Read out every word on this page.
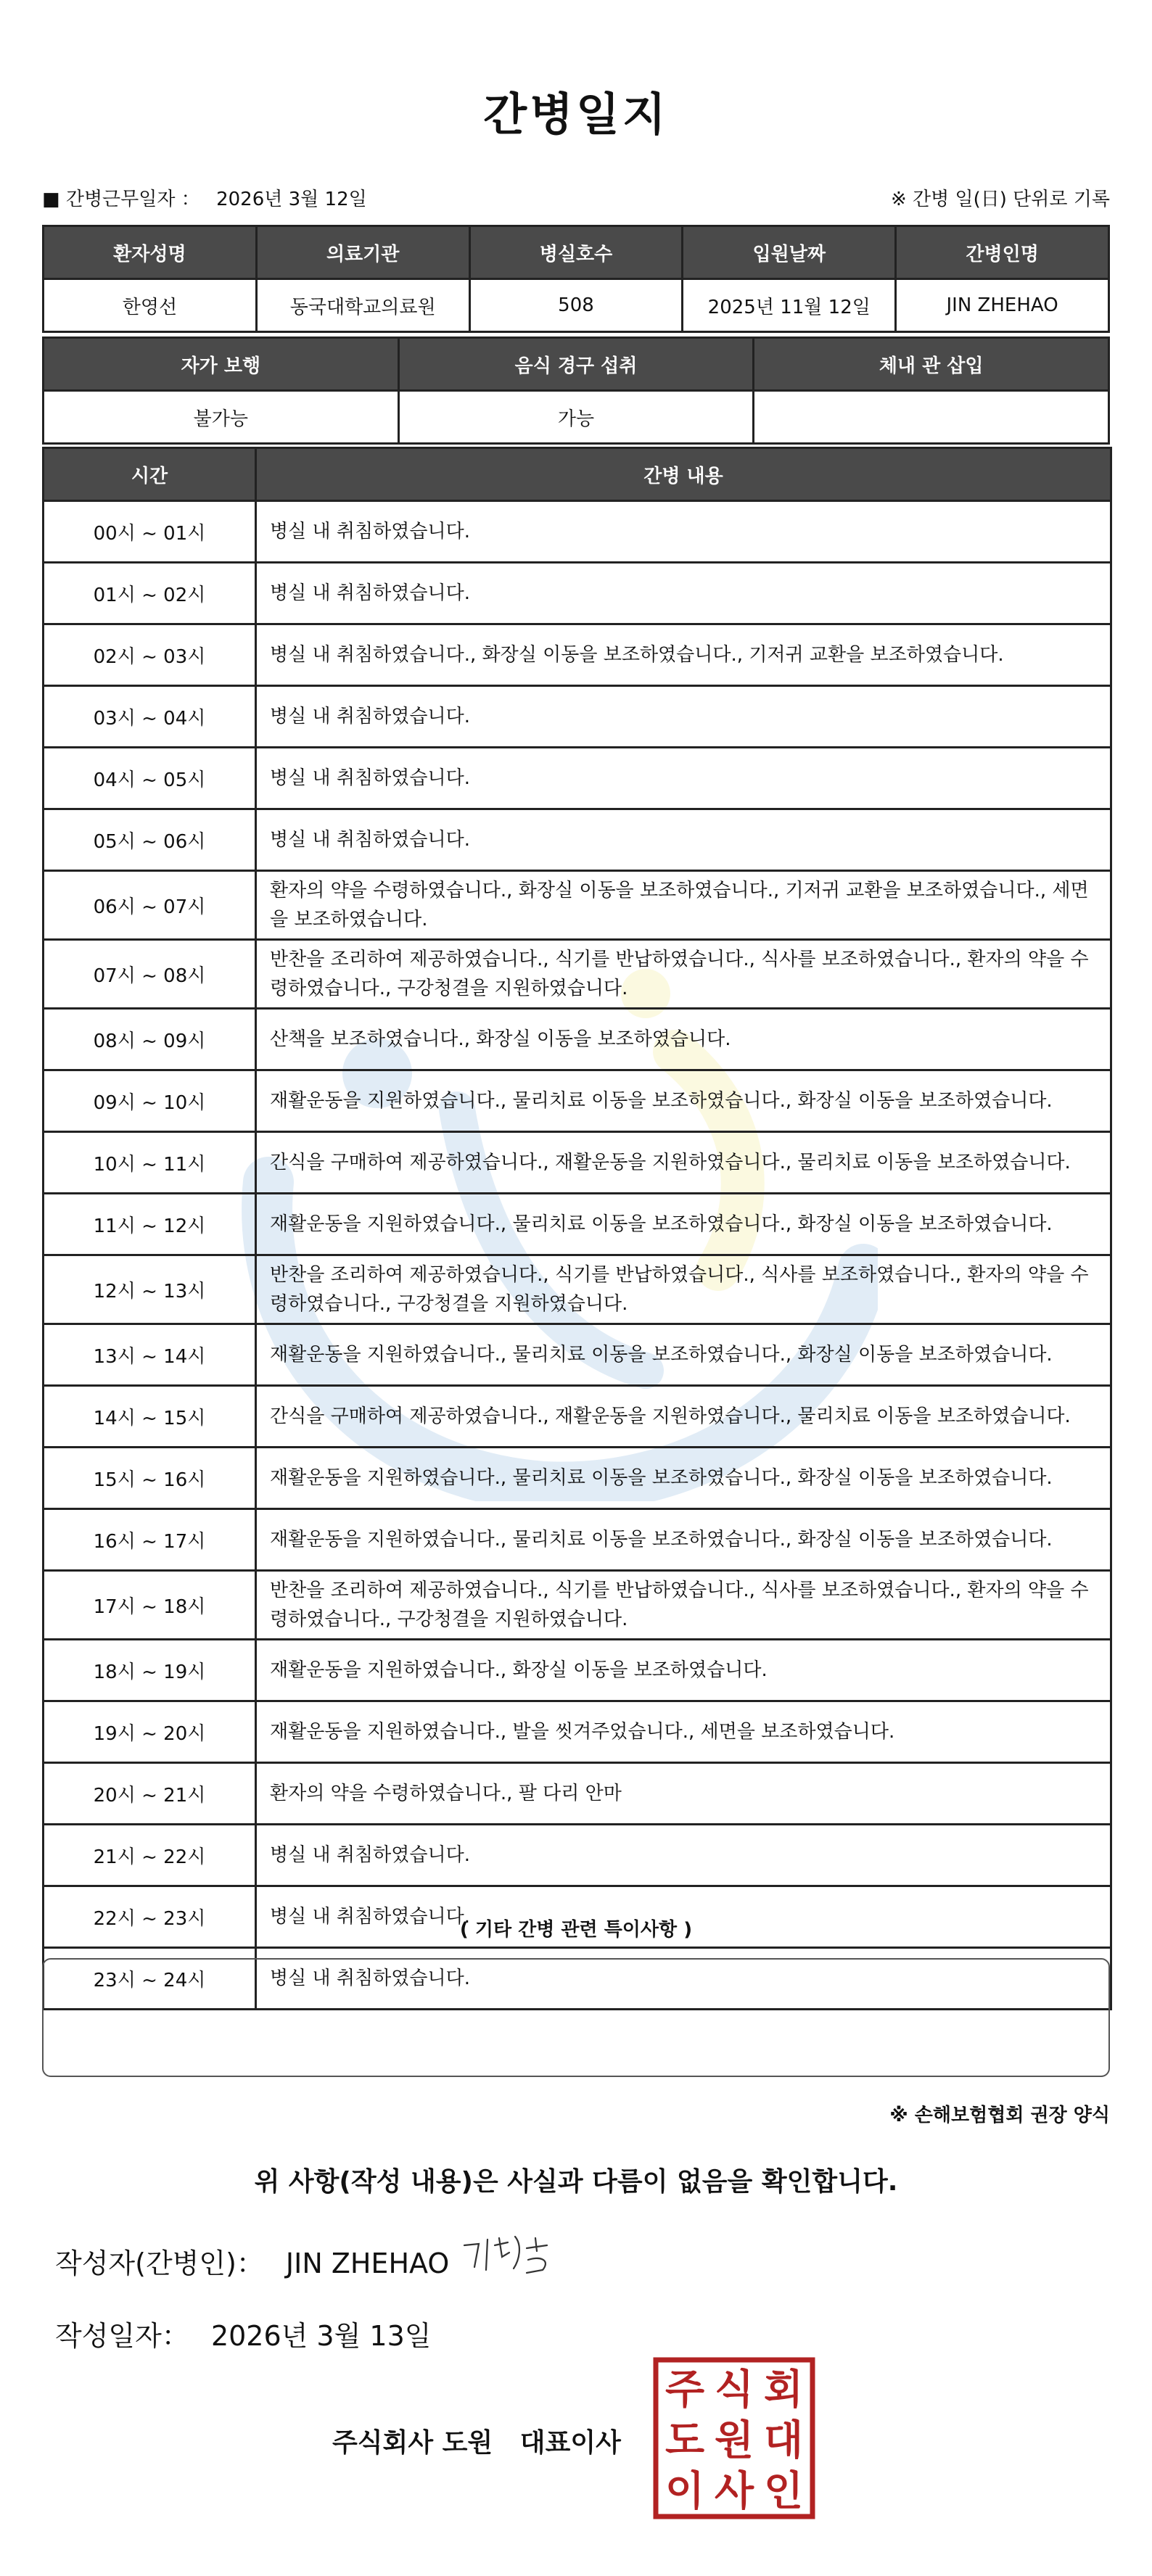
간병일지
■ 간병근무일자 ： 2026년 3월 12일	※ 간병 일(日) 단위로 기록
환자성명	의료기관	병실호수	입원날짜	간병인명
한영선	동국대학교의료원	508	2025년 11월 12일	JIN ZHEHAO
자가 보행	음식 경구 섭취	체내 관 삽입
불가능	가능	
시간	간병 내용
00시 ~ 01시	병실 내 취침하였습니다.
01시 ~ 02시	병실 내 취침하였습니다.
02시 ~ 03시	병실 내 취침하였습니다., 화장실 이동을 보조하였습니다., 기저귀 교환을 보조하였습니다.
03시 ~ 04시	병실 내 취침하였습니다.
04시 ~ 05시	병실 내 취침하였습니다.
05시 ~ 06시	병실 내 취침하였습니다.
06시 ~ 07시	환자의 약을 수령하였습니다., 화장실 이동을 보조하였습니다., 기저귀 교환을 보조하였습니다., 세면을 보조하였습니다.
07시 ~ 08시	반찬을 조리하여 제공하였습니다., 식기를 반납하였습니다., 식사를 보조하였습니다., 환자의 약을 수령하였습니다., 구강청결을 지원하였습니다.
08시 ~ 09시	산책을 보조하였습니다., 화장실 이동을 보조하였습니다.
09시 ~ 10시	재활운동을 지원하였습니다., 물리치료 이동을 보조하였습니다., 화장실 이동을 보조하였습니다.
10시 ~ 11시	간식을 구매하여 제공하였습니다., 재활운동을 지원하였습니다., 물리치료 이동을 보조하였습니다.
11시 ~ 12시	재활운동을 지원하였습니다., 물리치료 이동을 보조하였습니다., 화장실 이동을 보조하였습니다.
12시 ~ 13시	반찬을 조리하여 제공하였습니다., 식기를 반납하였습니다., 식사를 보조하였습니다., 환자의 약을 수령하였습니다., 구강청결을 지원하였습니다.
13시 ~ 14시	재활운동을 지원하였습니다., 물리치료 이동을 보조하였습니다., 화장실 이동을 보조하였습니다.
14시 ~ 15시	간식을 구매하여 제공하였습니다., 재활운동을 지원하였습니다., 물리치료 이동을 보조하였습니다.
15시 ~ 16시	재활운동을 지원하였습니다., 물리치료 이동을 보조하였습니다., 화장실 이동을 보조하였습니다.
16시 ~ 17시	재활운동을 지원하였습니다., 물리치료 이동을 보조하였습니다., 화장실 이동을 보조하였습니다.
17시 ~ 18시	반찬을 조리하여 제공하였습니다., 식기를 반납하였습니다., 식사를 보조하였습니다., 환자의 약을 수령하였습니다., 구강청결을 지원하였습니다.
18시 ~ 19시	재활운동을 지원하였습니다., 화장실 이동을 보조하였습니다.
19시 ~ 20시	재활운동을 지원하였습니다., 발을 씻겨주었습니다., 세면을 보조하였습니다.
20시 ~ 21시	환자의 약을 수령하였습니다., 팔 다리 안마
21시 ~ 22시	병실 내 취침하였습니다.
22시 ~ 23시	병실 내 취침하였습니다.
23시 ~ 24시	병실 내 취침하였습니다.
( 기타 간병 관련 특이사항 )
※ 손해보험협회 권장 양식
위 사항(작성 내용)은 사실과 다름이 없음을 확인합니다.
작성자(간병인)： JIN ZHEHAO
작성일자： 2026년 3월 13일
주식회사 도원   대표이사
주 식 회
도 원 대
이 사 인
